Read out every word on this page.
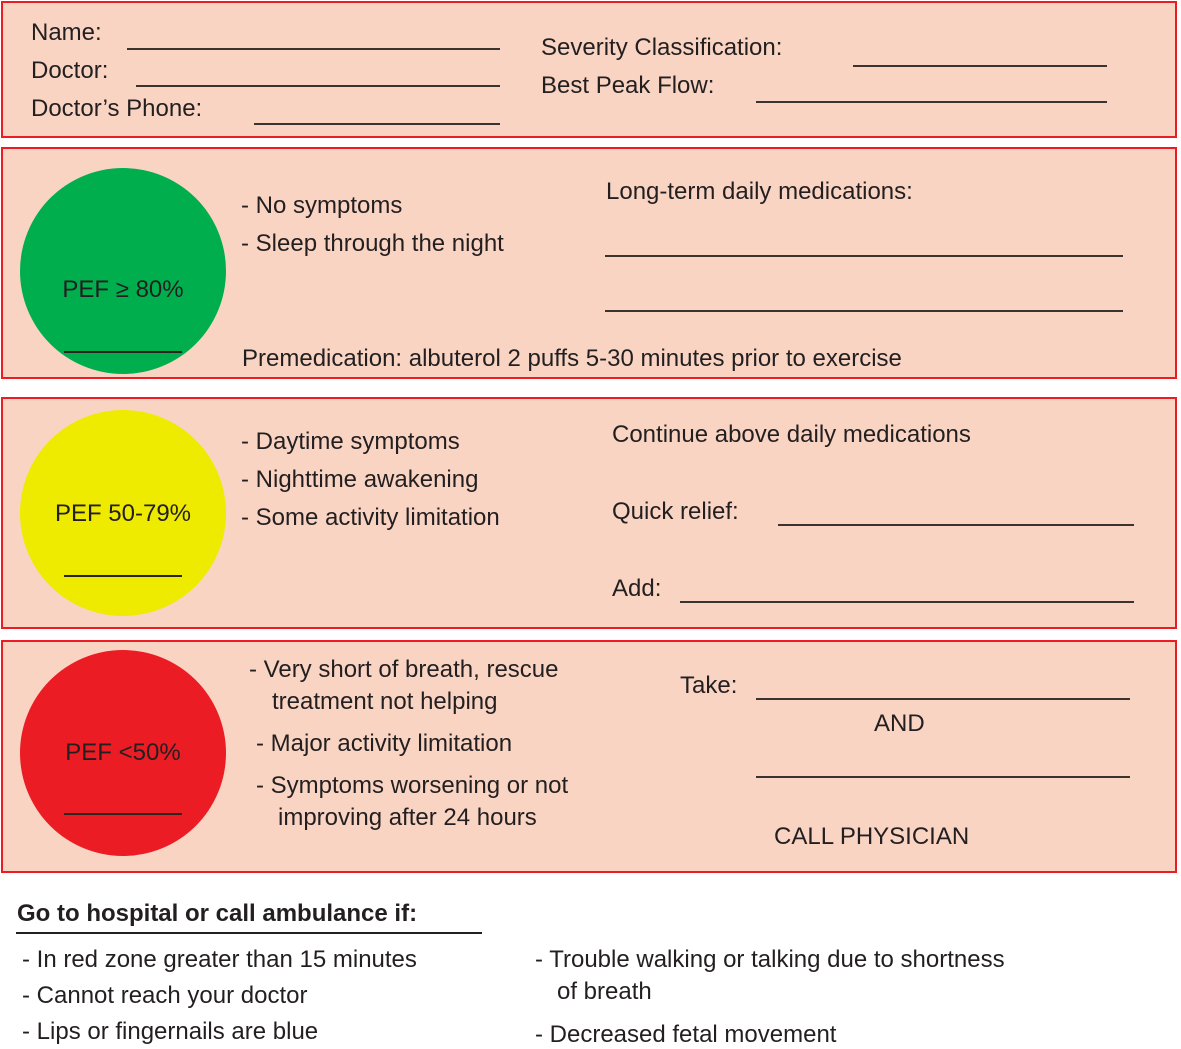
Name:
Doctor:
Doctor’s Phone:
Severity Classification:
Best Peak Flow:
PEF ≥ 80%
- No symptoms
- Sleep through the night
Long-term daily medications:
Premedication: albuterol 2 puffs 5-30 minutes prior to exercise
PEF 50-79%
- Daytime symptoms
- Nighttime awakening
- Some activity limitation
Continue above daily medications
Quick relief:
Add:
PEF <50%
- Very short of breath, rescue
treatment not helping
- Major activity limitation
- Symptoms worsening or not
improving after 24 hours
Take:
AND
CALL PHYSICIAN
Go to hospital or call ambulance if:
- In red zone greater than 15 minutes
- Cannot reach your doctor
- Lips or fingernails are blue
- Trouble walking or talking due to shortness
of breath
- Decreased fetal movement
